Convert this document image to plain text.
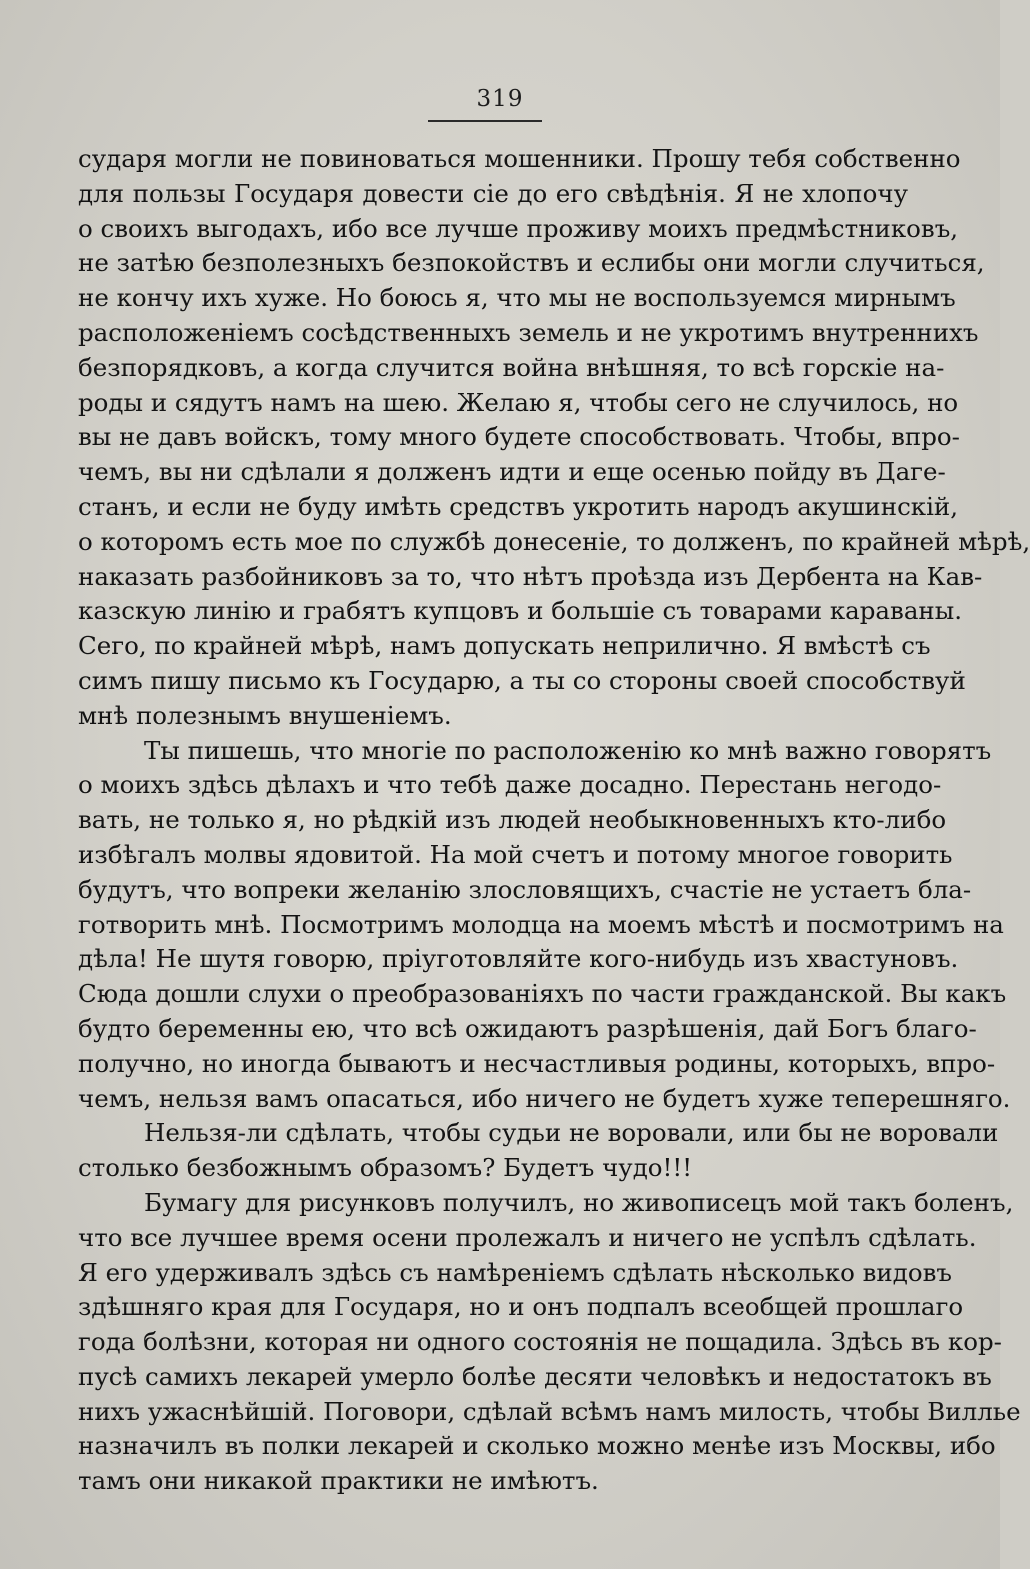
319
сударя могли не повиноваться мошенники. Прошу тебя собственно
для пользы Государя довести сіе до его свѣдѣнія. Я не хлопочу
о своихъ выгодахъ, ибо все лучше проживу моихъ предмѣстниковъ,
не затѣю безполезныхъ безпокойствъ и еслибы они могли случиться,
не кончу ихъ хуже. Но боюсь я, что мы не воспользуемся мирнымъ
расположеніемъ сосѣдственныхъ земель и не укротимъ внутреннихъ
безпорядковъ, а когда случится война внѣшняя, то всѣ горскіе на-
роды и сядутъ намъ на шею. Желаю я, чтобы сего не случилось, но
вы не давъ войскъ, тому много будете способствовать. Чтобы, впро-
чемъ, вы ни сдѣлали я долженъ идти и еще осенью пойду въ Даге-
станъ, и если не буду имѣть средствъ укротить народъ акушинскій,
о которомъ есть мое по службѣ донесеніе, то долженъ, по крайней мѣрѣ,
наказать разбойниковъ за то, что нѣтъ проѣзда изъ Дербента на Кав-
казскую линію и грабятъ купцовъ и большіе съ товарами караваны.
Сего, по крайней мѣрѣ, намъ допускать неприлично. Я вмѣстѣ съ
симъ пишу письмо къ Государю, а ты со стороны своей способствуй
мнѣ полезнымъ внушеніемъ.
Ты пишешь, что многіе по расположенію ко мнѣ важно говорятъ
о моихъ здѣсь дѣлахъ и что тебѣ даже досадно. Перестань негодо-
вать, не только я, но рѣдкій изъ людей необыкновенныхъ кто-либо
избѣгалъ молвы ядовитой. На мой счетъ и потому многое говорить
будутъ, что вопреки желанію злословящихъ, счастіе не устаетъ бла-
готворить мнѣ. Посмотримъ молодца на моемъ мѣстѣ и посмотримъ на
дѣла! Не шутя говорю, пріуготовляйте кого-нибудь изъ хвастуновъ.
Сюда дошли слухи о преобразованіяхъ по части гражданской. Вы какъ
будто беременны ею, что всѣ ожидаютъ разрѣшенія, дай Богъ благо-
получно, но иногда бываютъ и несчастливыя родины, которыхъ, впро-
чемъ, нельзя вамъ опасаться, ибо ничего не будетъ хуже теперешняго.
Нельзя-ли сдѣлать, чтобы судьи не воровали, или бы не воровали
столько безбожнымъ образомъ? Будетъ чудо!!!
Бумагу для рисунковъ получилъ, но живописецъ мой такъ боленъ,
что все лучшее время осени пролежалъ и ничего не успѣлъ сдѣлать.
Я его удерживалъ здѣсь съ намѣреніемъ сдѣлать нѣсколько видовъ
здѣшняго края для Государя, но и онъ подпалъ всеобщей прошлаго
года болѣзни, которая ни одного состоянія не пощадила. Здѣсь въ кор-
пусѣ самихъ лекарей умерло болѣе десяти человѣкъ и недостатокъ въ
нихъ ужаснѣйшій. Поговори, сдѣлай всѣмъ намъ милость, чтобы Виллье
назначилъ въ полки лекарей и сколько можно менѣе изъ Москвы, ибо
тамъ они никакой практики не имѣютъ.
